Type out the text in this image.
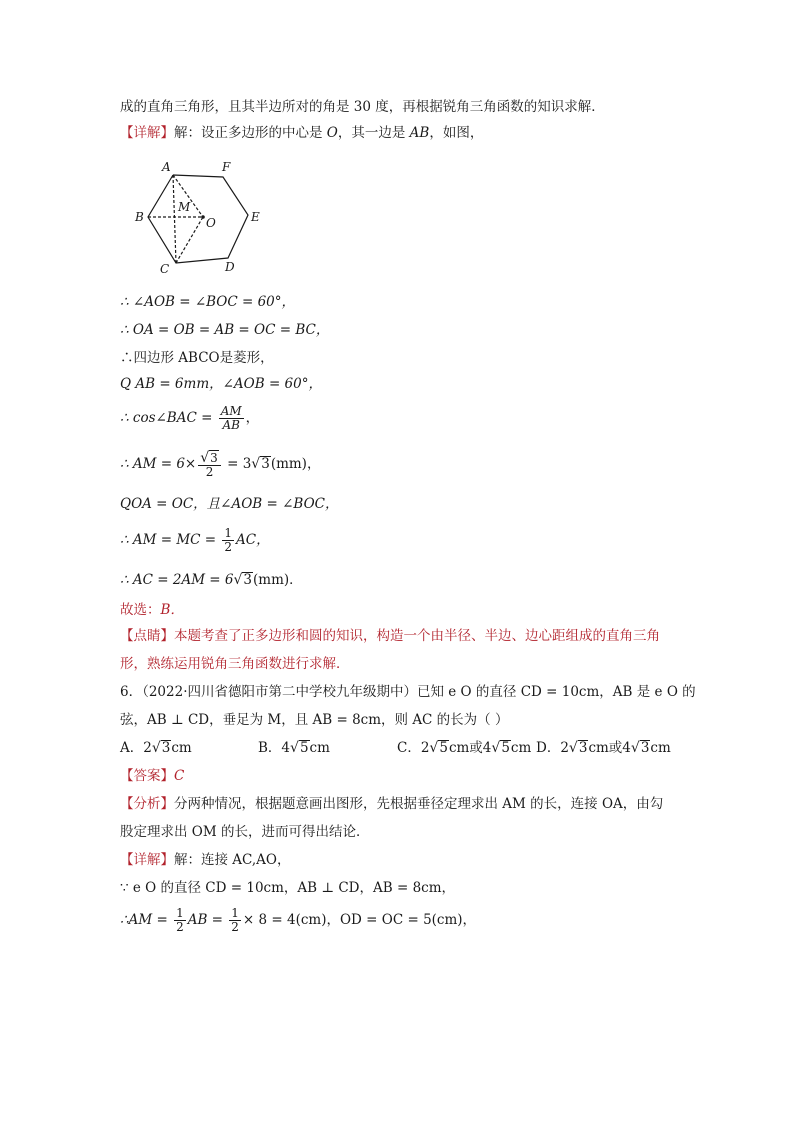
成的直角三角形，且其半边所对的角是 30 度，再根据锐角三角函数的知识求解．
【详解】解：设正多边形的中心是 O，其一边是 AB，如图，
A	F
B	E
C	D
M
O
∴ ∠AOB = ∠BOC = 60°，
∴ OA = OB = AB = OC = BC，
∴四边形 ABCO是菱形，
Q AB = 6mm，∠AOB = 60°，
∴ cos∠BAC = $\frac{AM}{AB}$ ，
∴ AM = $6\times \frac{√3}{2} = 3√3(mm)$，
QOA = OC，且∠AOB = ∠BOC，
∴ AM = MC = $\frac{1}{2}$ AC，
∴ AC = 2AM = 6√3(mm)．
故选：B．
【点睛】本题考查了正多边形和圆的知识，构造一个由半径、半边、边心距组成的直角三角
形，熟练运用锐角三角函数进行求解．
6．（2022·四川省德阳市第二中学校九年级期中）已知 e O 的直径 CD = 10cm，AB 是 e O 的
弦，AB ⊥ CD，垂足为 M，且 AB = 8cm，则 AC 的长为（ ）
A．2√3cm	B．4√5cm	C．2√5cm或4√5cm D．2√3cm或4√3cm
【答案】C
【分析】分两种情况，根据题意画出图形，先根据垂径定理求出 AM 的长，连接 OA，由勾
股定理求出 OM 的长，进而可得出结论．
【详解】解：连接 AC,AO，
∵ e O 的直径 CD = 10cm，AB ⊥ CD，AB = 8cm，
∴AM = $\frac{1}{2}$ AB = $\frac{1}{2} \times 8 = 4(cm)$，OD = OC = 5(cm)，
